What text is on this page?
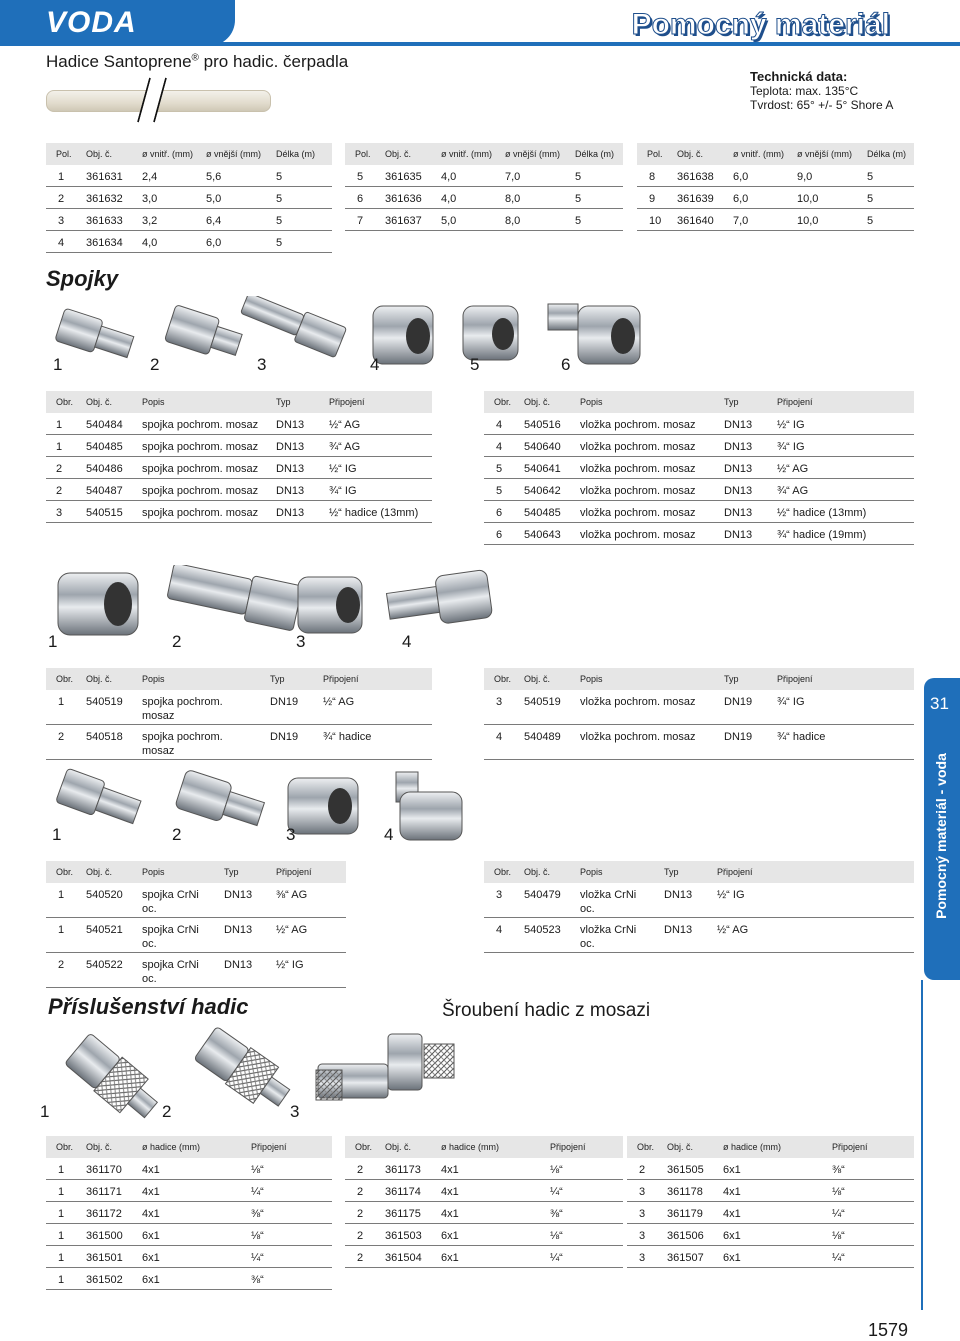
VODA	Pomocný materiál
Hadice Santoprene® pro hadic. čerpadla
Technická data:
Teplota: max. 135°C
Tvrdost: 65° +/- 5° Shore A
Pol. Obj. č.	ø vnitř. (mm) ø vnější (mm) Délka (m)
1 361631 2,4	5,6	5
2 361632 3,0	5,0	5
3 361633 3,2	6,4	5
4 361634 4,0	6,0	5
Pol. Obj. č.	ø vnitř. (mm) ø vnější (mm) Délka (m)
5 361635 4,0	7,0	5
6 361636 4,0	8,0	5
7 361637 5,0	8,0	5
Pol. Obj. č.	ø vnitř. (mm) ø vnější (mm) Délka (m)
8 361638 6,0	9,0	5
9 361639 6,0	10,0	5
10 361640 7,0	10,0	5
Spojky
1	2	3	4	5	6
Obr. Obj. č.	Popis	Typ	Připojení
1 540484 spojka pochrom. mosaz DN13 ½“ AG
1 540485 spojka pochrom. mosaz DN13 ¾“ AG
2 540486 spojka pochrom. mosaz DN13 ½“ IG
2 540487 spojka pochrom. mosaz DN13 ¾“ IG
3 540515 spojka pochrom. mosaz DN13 ½“ hadice (13mm)
Obr. Obj. č.	Popis	Typ	Připojení
4 540516 vložka pochrom. mosaz	DN13 ½“ IG
4 540640 vložka pochrom. mosaz	DN13 ¾“ IG
5 540641 vložka pochrom. mosaz	DN13 ½“ AG
5 540642 vložka pochrom. mosaz	DN13 ¾“ AG
6 540485 vložka pochrom. mosaz	DN13 ½“ hadice (13mm)
6 540643 vložka pochrom. mosaz	DN13 ¾“ hadice (19mm)
1	2	3	4
Obr. Obj. č.	Popis	Typ	Připojení
1 540519 spojka pochrom.
mosaz
DN19 ½“ AG
2 540518 spojka pochrom.
mosaz
DN19 ¾“ hadice
Obr. Obj. č.	Popis	Typ	Připojení
3 540519 vložka pochrom. mosaz	DN19 ¾“ IG
4 540489 vložka pochrom. mosaz	DN19 ¾“ hadice
1	2	3	4
Obr. Obj. č.	Popis	Typ	Připojení
1 540520 spojka CrNi
oc.
DN13 ⅜“ AG
1 540521 spojka CrNi
oc.
DN13 ½“ AG
2 540522 spojka CrNi
oc.
DN13 ½“ IG
Obr. Obj. č.	Popis	Typ	Připojení
3 540479 vložka CrNi
oc.
DN13 ½“ IG
4 540523 vložka CrNi
oc.
DN13 ½“ AG
Příslušenství hadic	Šroubení hadic z mosazi
1	2	3
Obr. Obj. č.	ø hadice (mm)	Připojení
1 361170 4x1	⅛“
1 361171 4x1	¼“
1 361172 4x1	⅜“
1 361500 6x1	⅛“
1 361501 6x1	¼“
1 361502 6x1	⅜“
Obr. Obj. č.	ø hadice (mm)	Připojení
2 361173 4x1	⅛“
2 361174 4x1	¼“
2 361175 4x1	⅜“
2 361503 6x1	⅛“
2 361504 6x1	¼“
Obr. Obj. č.	ø hadice (mm)	Připojení
2 361505 6x1	⅜“
3 361178 4x1	⅛“
3 361179 4x1	¼“
3 361506 6x1	⅛“
3 361507 6x1	¼“
31
Pomocný materiál - voda
1579
